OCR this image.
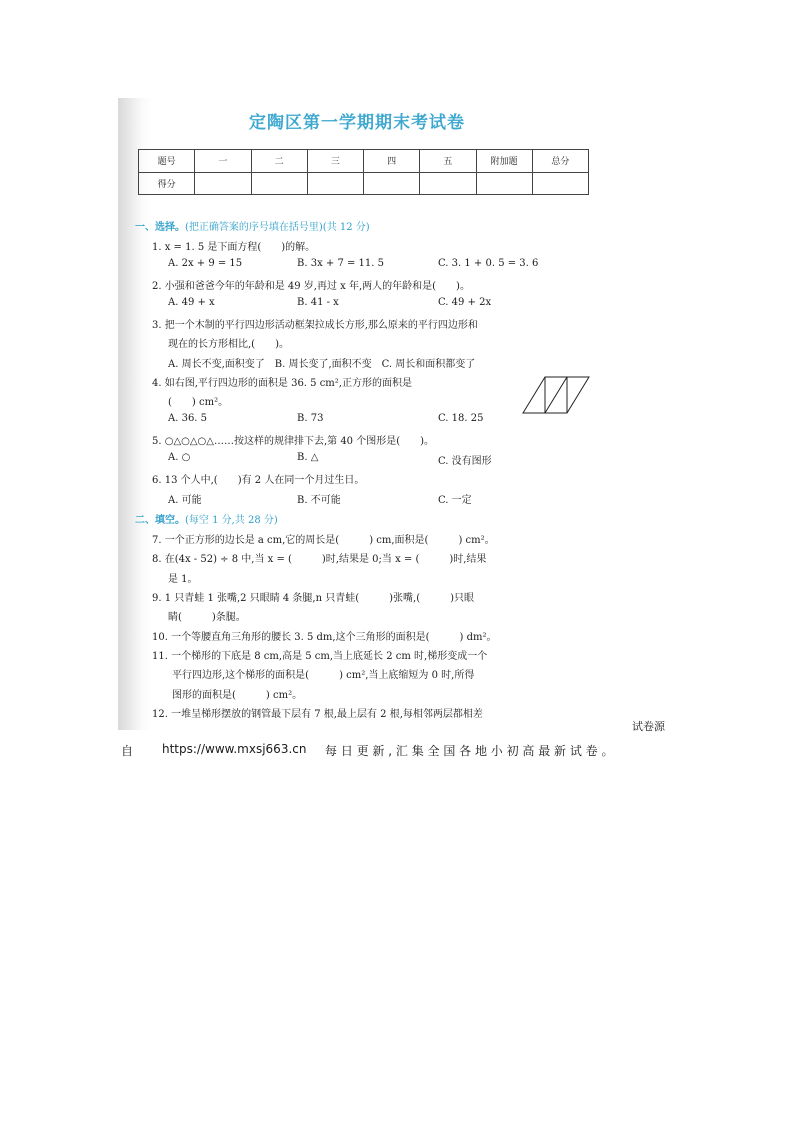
定陶区第一学期期末考试卷
题号	一	二	三	四	五	附加题	总分
得分							
一、选择。(把正确答案的序号填在括号里)(共 12 分)
1. x = 1. 5 是下面方程(　　)的解。
A. 2x + 9 = 15	B. 3x + 7 = 11. 5	C. 3. 1 + 0. 5 = 3. 6
2. 小强和爸爸今年的年龄和是 49 岁,再过 x 年,两人的年龄和是(　　)。
A. 49 + x	B. 41 - x	C. 49 + 2x
3. 把一个木制的平行四边形活动框架拉成长方形,那么原来的平行四边形和
现在的长方形相比,(　　)。
A. 周长不变,面积变了　B. 周长变了,面积不变　C. 周长和面积都变了
4. 如右图,平行四边形的面积是 36. 5 cm²,正方形的面积是
(　　) cm²。
A. 36. 5	B. 73	C. 18. 25
5. ○△○△○△……按这样的规律排下去,第 40 个图形是(　　)。
A. ○	B. △	C. 没有图形
6. 13 个人中,(　　)有 2 人在同一个月过生日。
A. 可能	B. 不可能	C. 一定
二、填空。(每空 1 分,共 28 分)
7. 一个正方形的边长是 a cm,它的周长是(　　　) cm,面积是(　　　) cm²。
8. 在(4x - 52) ÷ 8 中,当 x = (　　　)时,结果是 0;当 x = (　　　)时,结果
是 1。
9. 1 只青蛙 1 张嘴,2 只眼睛 4 条腿,n 只青蛙(　　　)张嘴,(　　　)只眼
睛(　　　)条腿。
10. 一个等腰直角三角形的腰长 3. 5 dm,这个三角形的面积是(　　　) dm²。
11. 一个梯形的下底是 8 cm,高是 5 cm,当上底延长 2 cm 时,梯形变成一个
平行四边形,这个梯形的面积是(　　　) cm²,当上底缩短为 0 时,所得
图形的面积是(　　　) cm²。
12. 一堆呈梯形摆放的钢管最下层有 7 根,最上层有 2 根,每相邻两层都相差
试卷源
自 https://www.mxsj663.cn 每 日 更 新 , 汇 集 全 国 各 地 小 初 高 最 新 试 卷 。
